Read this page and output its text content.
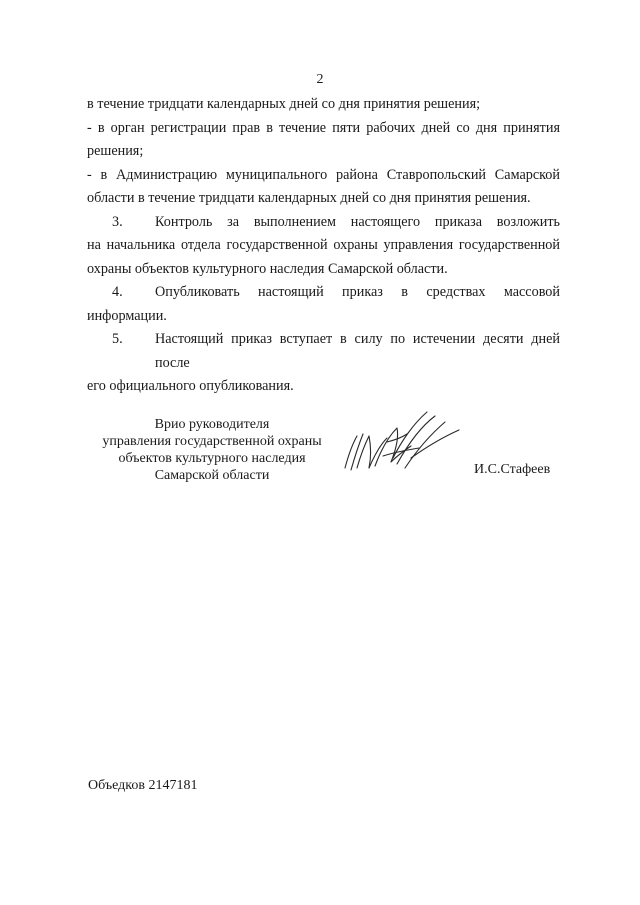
2
в течение тридцати календарных дней со дня принятия решения;
- в орган регистрации прав в течение пяти рабочих дней со дня принятия
решения;
- в Администрацию муниципального района Ставропольский Самарской
области в течение тридцати календарных дней со дня принятия решения.
3.	Контроль за выполнением настоящего приказа возложить
на начальника отдела государственной охраны управления государственной
охраны объектов культурного наследия Самарской области.
4.	Опубликовать настоящий приказ в средствах массовой
информации.
5.	Настоящий приказ вступает в силу по истечении десяти дней после
его официального опубликования.
Врио руководителя
управления государственной охраны
объектов культурного наследия
Самарской области	И.С.Стафеев
Объедков 2147181
